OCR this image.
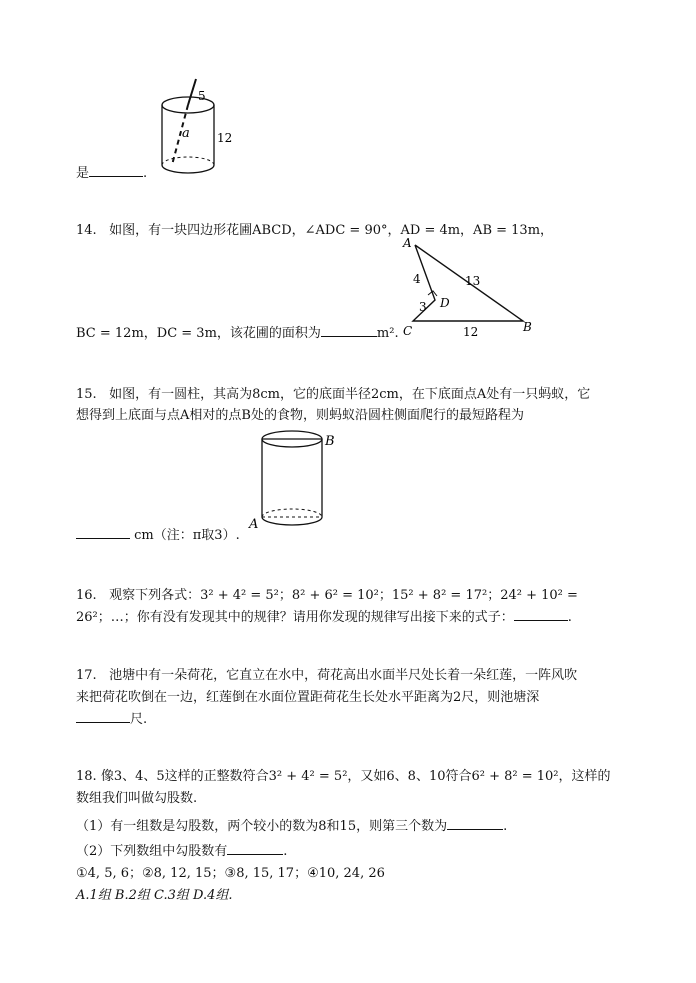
5
a 12
是	.
14. 如图，有一块四边形花圃ABCD，∠ADC = 90°，AD = 4m，AB = 13m，
A
D
C	B
4	13
3
12
BC = 12m，DC = 3m，该花圃的面积为	m².
15. 如图，有一圆柱，其高为8cm，它的底面半径2cm，在下底面点A处有一只蚂蚁，它
想得到上底面与点A相对的点B处的食物，则蚂蚁沿圆柱侧面爬行的最短路程为
B
A
cm（注：π取3）.
16. 观察下列各式：3² + 4² = 5²；8² + 6² = 10²；15² + 8² = 17²；24² + 10² =
26²；…；你有没有发现其中的规律？请用你发现的规律写出接下来的式子：	.
17. 池塘中有一朵荷花，它直立在水中，荷花高出水面半尺处长着一朵红莲，一阵风吹
来把荷花吹倒在一边，红莲倒在水面位置距荷花生长处水平距离为2尺，则池塘深
尺.
18. 像3、4、5这样的正整数符合3² + 4² = 5²，又如6、8、10符合6² + 8² = 10²，这样的
数组我们叫做勾股数.
（1）有一组数是勾股数，两个较小的数为8和15，则第三个数为	.
（2）下列数组中勾股数有	.
①4, 5, 6；②8, 12, 15；③8, 15, 17；④10, 24, 26
A.1组 B.2组 C.3组 D.4组.
